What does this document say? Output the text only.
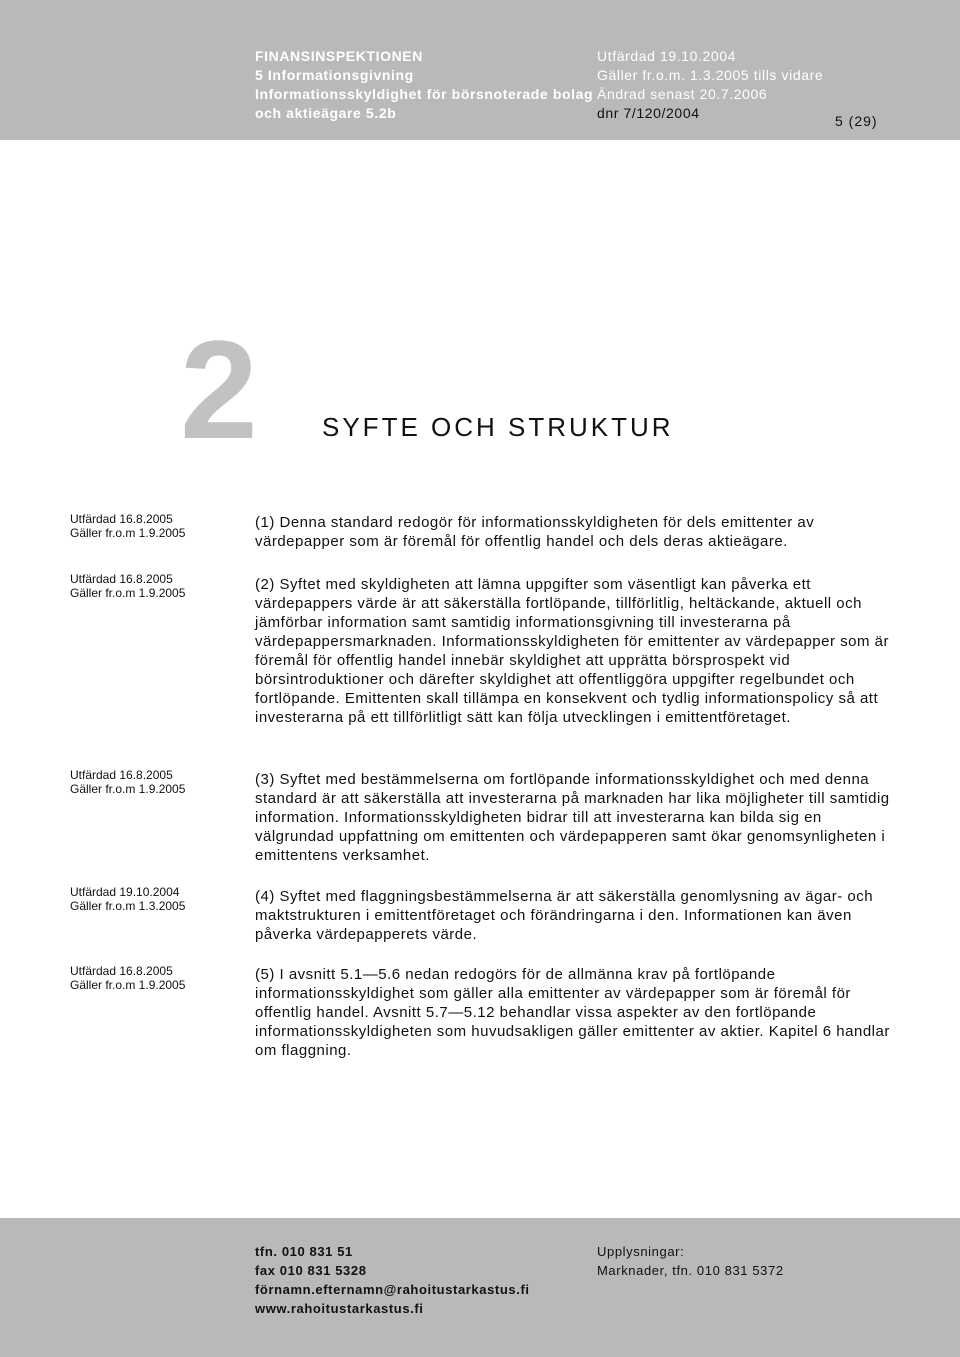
FINANSINSPEKTIONEN
5 Informationsgivning
Informationsskyldighet för börsnoterade bolag
och aktieägare 5.2b
Utfärdad 19.10.2004
Gäller fr.o.m. 1.3.2005 tills vidare
Ändrad senast 20.7.2006
dnr 7/120/2004	5 (29)
2	SYFTE OCH STRUKTUR
Utfärdad 16.8.2005
Gäller fr.o.m 1.9.2005
(1) Denna standard redogör för informationsskyldigheten för dels emittenter av värdepapper som är föremål för offentlig handel och dels deras aktieägare.
Utfärdad 16.8.2005
Gäller fr.o.m 1.9.2005	(2) Syftet med skyldigheten att lämna uppgifter som väsentligt kan påverka ett värdepappers värde är att säkerställa fortlöpande, tillförlitlig, heltäckande, aktuell och jämförbar information samt samtidig informationsgivning till investerarna på värdepappersmarknaden. Informationsskyldigheten för emittenter av värdepapper som är föremål för offentlig handel innebär skyldighet att upprätta börsprospekt vid börsintroduktioner och därefter skyldighet att offentliggöra uppgifter regelbundet och fortlöpande. Emittenten skall tillämpa en konsekvent och tydlig informationspolicy så att investerarna på ett tillförlitligt sätt kan följa utvecklingen i emittentföretaget.
Utfärdad 16.8.2005
Gäller fr.o.m 1.9.2005
(3) Syftet med bestämmelserna om fortlöpande informationsskyldighet och med denna standard är att säkerställa att investerarna på marknaden har lika möjligheter till samtidig information. Informationsskyldigheten bidrar till att investerarna kan bilda sig en välgrundad uppfattning om emittenten och värdepapperen samt ökar genomsynligheten i emittentens verksamhet.
Utfärdad 19.10.2004
Gäller fr.o.m 1.3.2005
(4) Syftet med flaggningsbestämmelserna är att säkerställa genomlysning av ägar- och maktstrukturen i emittentföretaget och förändringarna i den. Informationen kan även påverka värdepapperets värde.
Utfärdad 16.8.2005
Gäller fr.o.m 1.9.2005
(5) I avsnitt 5.1—5.6 nedan redogörs för de allmänna krav på fortlöpande informationsskyldighet som gäller alla emittenter av värdepapper som är föremål för offentlig handel. Avsnitt 5.7—5.12 behandlar vissa aspekter av den fortlöpande informationsskyldigheten som huvudsakligen gäller emittenter av aktier. Kapitel 6 handlar om flaggning.
tfn. 010 831 51
fax 010 831 5328
förnamn.efternamn@rahoitustarkastus.fi
www.rahoitustarkastus.fi
Upplysningar:
Marknader, tfn. 010 831 5372
